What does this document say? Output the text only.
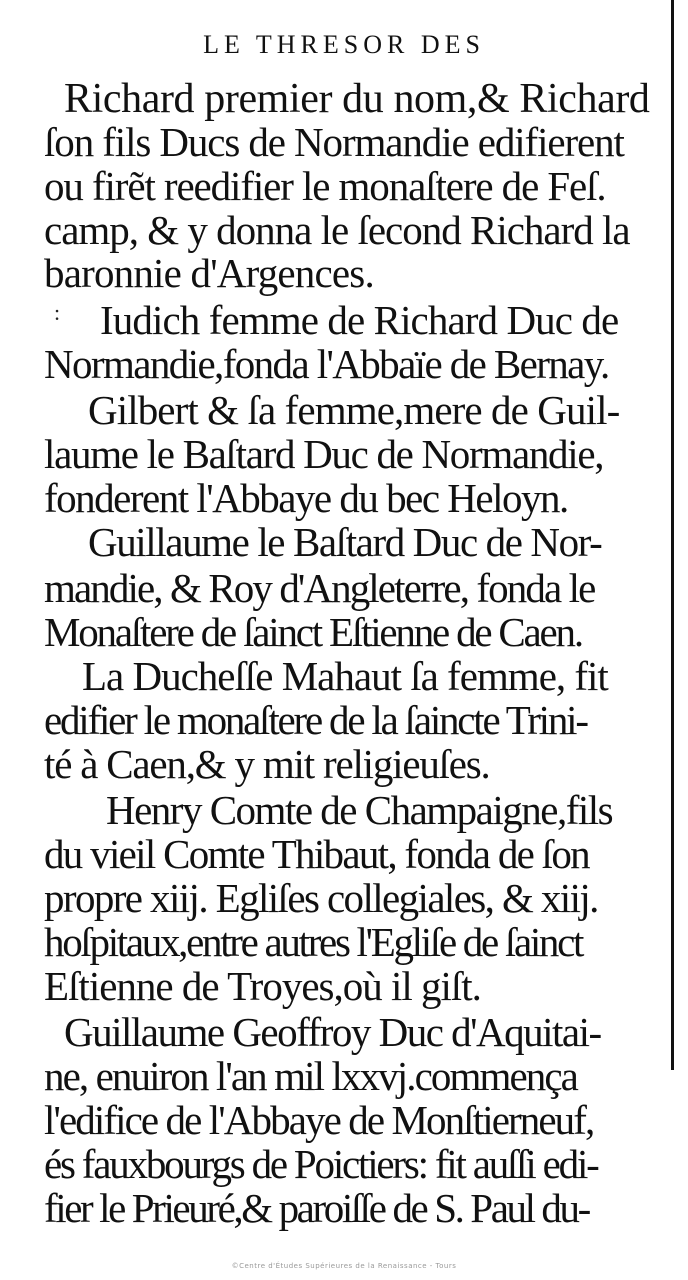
LE THRESOR DES
Richard premier du nom,& Richard
ſon fils Ducs de Normandie edifierent
ou firẽt reedifier le monaſtere de Feſ.
camp, & y donna le ſecond Richard la
baronnie d'Argences.
: Iudich femme de Richard Duc de
Normandie,fonda l'Abbaïe de Bernay.
Gilbert & ſa femme,mere de Guil-
laume le Baſtard Duc de Normandie,
fonderent l'Abbaye du bec Heloyn.
Guillaume le Baſtard Duc de Nor-
mandie, & Roy d'Angleterre, fonda le
Monaſtere de ſainct Eſtienne de Caen.
La Ducheſſe Mahaut ſa femme, fit
edifier le monaſtere de la ſaincte Trini-
té à Caen,& y mit religieuſes.
Henry Comte de Champaigne,fils
du vieil Comte Thibaut, fonda de ſon
propre xiij. Egliſes collegiales, & xiij.
hoſpitaux,entre autres l'Egliſe de ſainct
Eſtienne de Troyes,où il giſt.
Guillaume Geoffroy Duc d'Aquitai-
ne, enuiron l'an mil lxxvj.commença
l'edifice de l'Abbaye de Monſtierneuf,
és fauxbourgs de Poictiers: fit auſſi edi-
fier le Prieuré,& paroiſſe de S. Paul du-
©Centre d'Études Supérieures de la Renaissance - Tours
